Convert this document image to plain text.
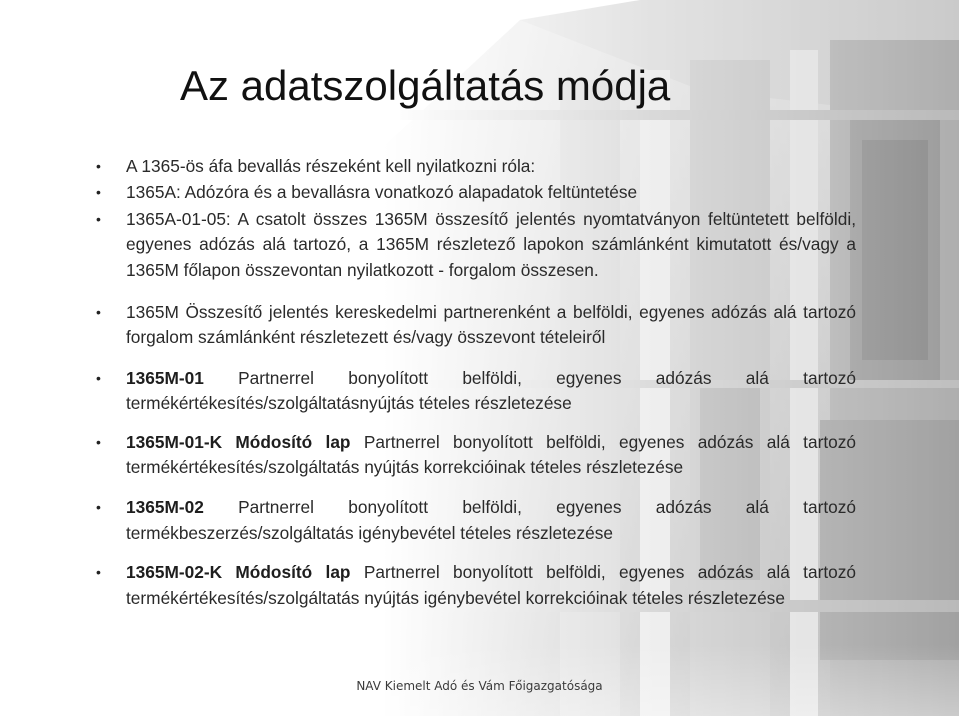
Az adatszolgáltatás módja
• A 1365-ös áfa bevallás részeként kell nyilatkozni róla:
• 1365A: Adózóra és a bevallásra vonatkozó alapadatok feltüntetése
• 1365A-01-05: A csatolt összes 1365M összesítő jelentés nyomtatványon feltüntetett belföldi, egyenes adózás alá tartozó, a 1365M részletező lapokon számlánként kimutatott és/vagy a 1365M főlapon összevontan nyilatkozott - forgalom összesen.
• 1365M Összesítő jelentés kereskedelmi partnerenként a belföldi, egyenes adózás alá tartozó forgalom számlánként részletezett és/vagy összevont tételeiről
• 1365M-01 Partnerrel bonyolított belföldi, egyenes adózás alá tartozó termékértékesítés/szolgáltatásnyújtás tételes részletezése
• 1365M-01-K Módosító lap Partnerrel bonyolított belföldi, egyenes adózás alá tartozó termékértékesítés/szolgáltatás nyújtás korrekcióinak tételes részletezése
• 1365M-02 Partnerrel bonyolított belföldi, egyenes adózás alá tartozó termékbeszerzés/szolgáltatás igénybevétel tételes részletezése
• 1365M-02-K Módosító lap Partnerrel bonyolított belföldi, egyenes adózás alá tartozó termékértékesítés/szolgáltatás nyújtás igénybevétel korrekcióinak tételes részletezése
NAV Kiemelt Adó és Vám Főigazgatósága
